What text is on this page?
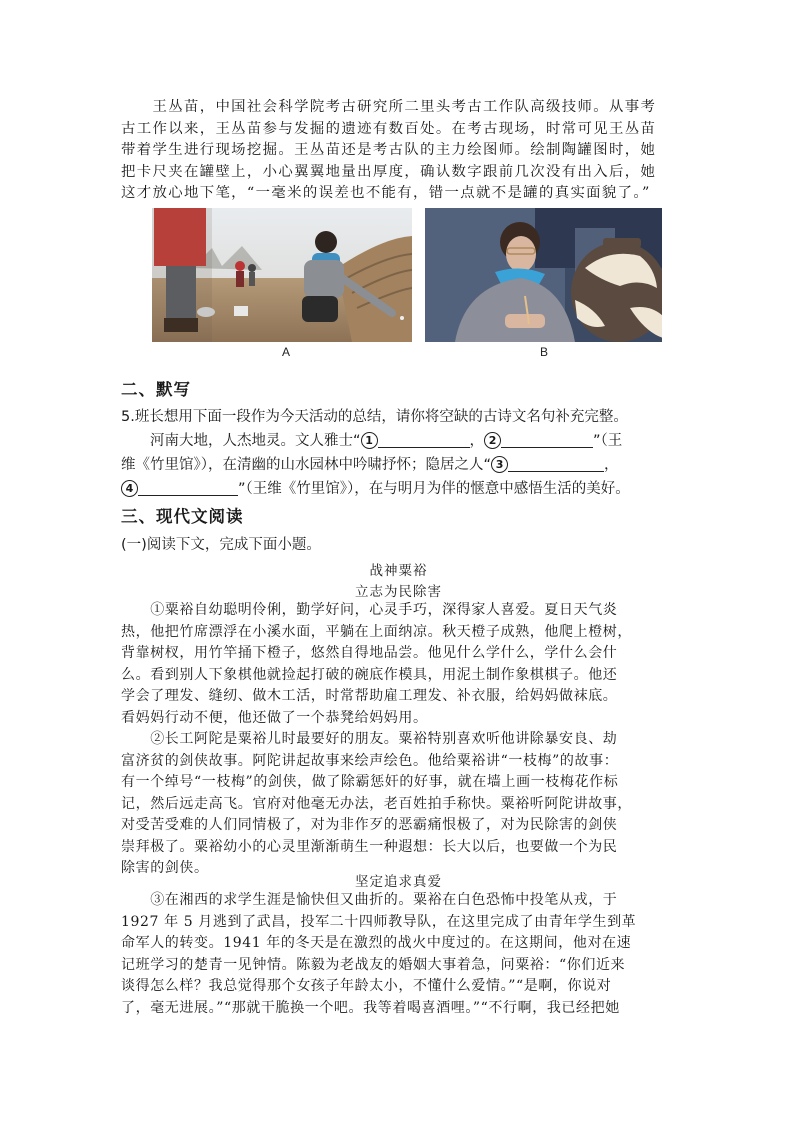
　　王丛苗，中国社会科学院考古研究所二里头考古工作队高级技师。从事考
古工作以来，王丛苗参与发掘的遗迹有数百处。在考古现场，时常可见王丛苗
带着学生进行现场挖掘。王丛苗还是考古队的主力绘图师。绘制陶罐图时，她
把卡尺夹在罐壁上，小心翼翼地量出厚度，确认数字跟前几次没有出入后，她
这才放心地下笔，“一毫米的误差也不能有，错一点就不是罐的真实面貌了。”
A	B
二、默写
5.班长想用下面一段作为今天活动的总结，请你将空缺的古诗文名句补充完整。
　　河南大地，人杰地灵。文人雅士“ 1	， 2	”（王
维《竹里馆》），在清幽的山水园林中吟啸抒怀；隐居之人“ 3	，
4	”（王维《竹里馆》），在与明月为伴的惬意中感悟生活的美好。
三、现代文阅读
(一)阅读下文，完成下面小题。
战神粟裕
立志为民除害
　　①粟裕自幼聪明伶俐，勤学好问，心灵手巧，深得家人喜爱。夏日天气炎
热，他把竹席漂浮在小溪水面，平躺在上面纳凉。秋天橙子成熟，他爬上橙树，
背靠树杈，用竹竿捅下橙子，悠然自得地品尝。他见什么学什么，学什么会什
么。看到别人下象棋他就捡起打破的碗底作模具，用泥土制作象棋棋子。他还
学会了理发、缝纫、做木工活，时常帮助雇工理发、补衣服，给妈妈做袜底。
看妈妈行动不便，他还做了一个恭凳给妈妈用。
　　②长工阿陀是粟裕儿时最要好的朋友。粟裕特别喜欢听他讲除暴安良、劫
富济贫的剑侠故事。阿陀讲起故事来绘声绘色。他给粟裕讲“一枝梅”的故事：
有一个绰号“一枝梅”的剑侠，做了除霸惩奸的好事，就在墙上画一枝梅花作标
记，然后远走高飞。官府对他毫无办法，老百姓拍手称快。粟裕听阿陀讲故事，
对受苦受难的人们同情极了，对为非作歹的恶霸痛恨极了，对为民除害的剑侠
崇拜极了。粟裕幼小的心灵里渐渐萌生一种遐想：长大以后，也要做一个为民
除害的剑侠。
坚定追求真爱
　　③在湘西的求学生涯是愉快但又曲折的。粟裕在白色恐怖中投笔从戎，于
1927 年 5 月逃到了武昌，投军二十四师教导队，在这里完成了由青年学生到革
命军人的转变。1941 年的冬天是在激烈的战火中度过的。在这期间，他对在速
记班学习的楚青一见钟情。陈毅为老战友的婚姻大事着急，问粟裕：“你们近来
谈得怎么样？我总觉得那个女孩子年龄太小，不懂什么爱情。”“是啊，你说对
了，毫无进展。”“那就干脆换一个吧。我等着喝喜酒哩。”“不行啊，我已经把她
